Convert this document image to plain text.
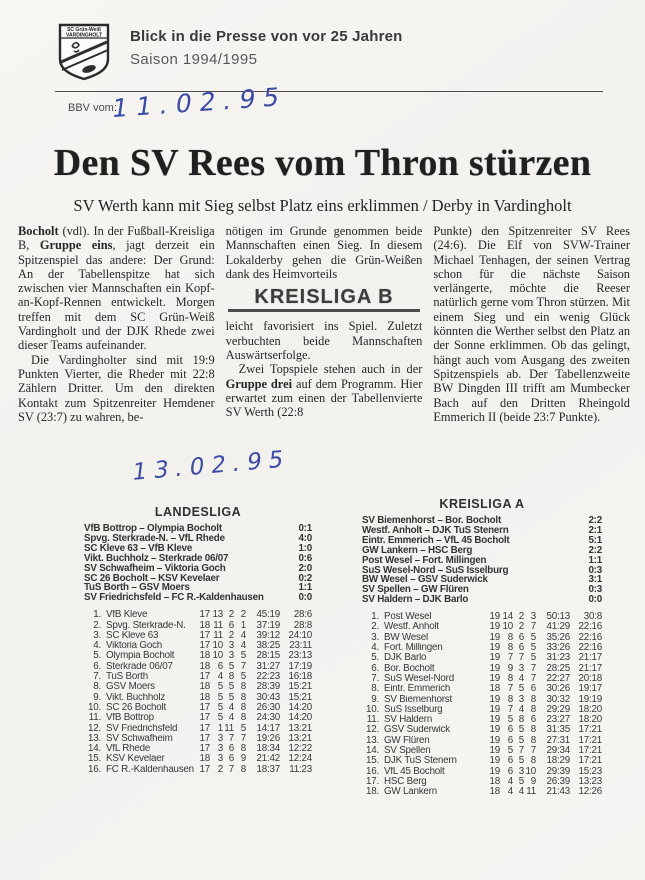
SC Grün-Weiß
VARDINGHOLT Blick in die Presse von vor 25 Jahren
Saison 1994/1995
BBV vom:
11.02.95
Den SV Rees vom Thron stürzen
SV Werth kann mit Sieg selbst Platz eins erklimmen / Derby in Vardingholt

Bocholt (vdl). In der Fußball-Kreisliga B, Gruppe eins, jagt derzeit ein Spitzenspiel das andere: Der Grund: An der Tabellenspitze hat sich zwischen vier Mannschaften ein Kopf-an-Kopf-Rennen entwickelt. Morgen treffen mit dem SC Grün-Weiß Vardingholt und der DJK Rhede zwei dieser Teams aufeinander.

Die Vardingholter sind mit 19:9 Punkten Vierter, die Rheder mit 22:8 Zählern Dritter. Um den direkten Kontakt zum Spitzenreiter Hemdener SV (23:7) zu wahren, be-

nötigen im Grunde genommen beide Mannschaften einen Sieg. In diesem Lokalderby gehen die Grün-Weißen dank des Heimvorteils

KREISLIGA B

leicht favorisiert ins Spiel. Zuletzt verbuchten beide Mannschaften Auswärtserfolge.

Zwei Topspiele stehen auch in der Gruppe drei auf dem Programm. Hier erwartet zum einen der Tabellenvierte SV Werth (22:8

Punkte) den Spitzenreiter SV Rees (24:6). Die Elf von SVW-Trainer Michael Tenhagen, der seinen Vertrag schon für die nächste Saison verlängerte, möchte die Reeser natürlich gerne vom Thron stürzen. Mit einem Sieg und ein wenig Glück könnten die Werther selbst den Platz an der Sonne erklimmen. Ob das gelingt, hängt auch vom Ausgang des zweiten Spitzenspiels ab. Der Tabellenzweite BW Dingden III trifft am Mumbecker Bach auf den Dritten Rheingold Emmerich II (beide 23:7 Punkte).

13.02.95
LANDESLIGA
VfB Bottrop – Olympia Bocholt	0:1
Spvg. Sterkrade-N. – VfL Rhede	4:0
SC Kleve 63 – VfB Kleve	1:0
Vikt. Buchholz – Sterkrade 06/07	0:6
SV Schwafheim – Viktoria Goch	2:0
SC 26 Bocholt – KSV Kevelaer	0:2
TuS Borth – GSV Moers	1:1
SV Friedrichsfeld – FC R.-Kaldenhausen	0:0
1. VfB Kleve	17 13 2 2	45:19	28:6
2. Spvg. Sterkrade-N.	18 11 6 1	37:19	28:8
3. SC Kleve 63	17 11 2 4	39:12 24:10
4. Viktoria Goch	17 10 3 4	38:25 23:11
5. Olympia Bocholt	18 10 3 5	28:15 23:13
6. Sterkrade 06/07	18 6 5 7	31:27 17:19
7. TuS Borth	17 4 8 5	22:23 16:18
8. GSV Moers	18 5 5 8	28:39 15:21
9. Vikt. Buchholz	18 5 5 8	30:43 15:21
10. SC 26 Bocholt	17 5 4 8	26:30 14:20
11. VfB Bottrop	17 5 4 8	24:30 14:20
12. SV Friedrichsfeld	17 1 11 5	14:17 13:21
13. SV Schwafheim	17 3 7 7	19:26 13:21
14. VfL Rhede	17 3 6 8	18:34 12:22
15. KSV Kevelaer	18 3 6 9	21:42 12:24
16. FC R.-Kaldenhausen 17 2 7 8	18:37 11:23
KREISLIGA A
SV Biemenhorst – Bor. Bocholt	2:2
Westf. Anholt – DJK TuS Stenern	2:1
Eintr. Emmerich – VfL 45 Bocholt	5:1
GW Lankern – HSC Berg	2:2
Post Wesel – Fort. Millingen	1:1
SuS Wesel-Nord – SuS Isselburg	0:3
BW Wesel – GSV Suderwick	3:1
SV Spellen – GW Flüren	0:3
SV Haldern – DJK Barlo	0:0
1. Post Wesel	19 14 2 3	50:13	30:8
2. Westf. Anholt	19 10 2 7	41:29 22:16
3. BW Wesel	19 8 6 5	35:26 22:16
4. Fort. Millingen	19 8 6 5	33:26 22:16
5. DJK Barlo	19 7 7 5	31:23 21:17
6. Bor. Bocholt	19 9 3 7	28:25 21:17
7. SuS Wesel-Nord	19 8 4 7	22:27 20:18
8. Eintr. Emmerich	18 7 5 6	30:26 19:17
9. SV Biemenhorst	19 8 3 8	30:32 19:19
10. SuS Isselburg	19 7 4 8	29:29 18:20
11. SV Haldern	19 5 8 6	23:27 18:20
12. GSV Suderwick	19 6 5 8	31:35 17:21
13. GW Flüren	19 6 5 8	27:31 17:21
14. SV Spellen	19 5 7 7	29:34 17:21
15. DJK TuS Stenern	19 6 5 8	18:29 17:21
16. VfL 45 Bocholt	19 6 3 10	29:39 15:23
17. HSC Berg	18 4 5 9	26:39 13:23
18. GW Lankern	18 4 4 11	21:43 12:26
